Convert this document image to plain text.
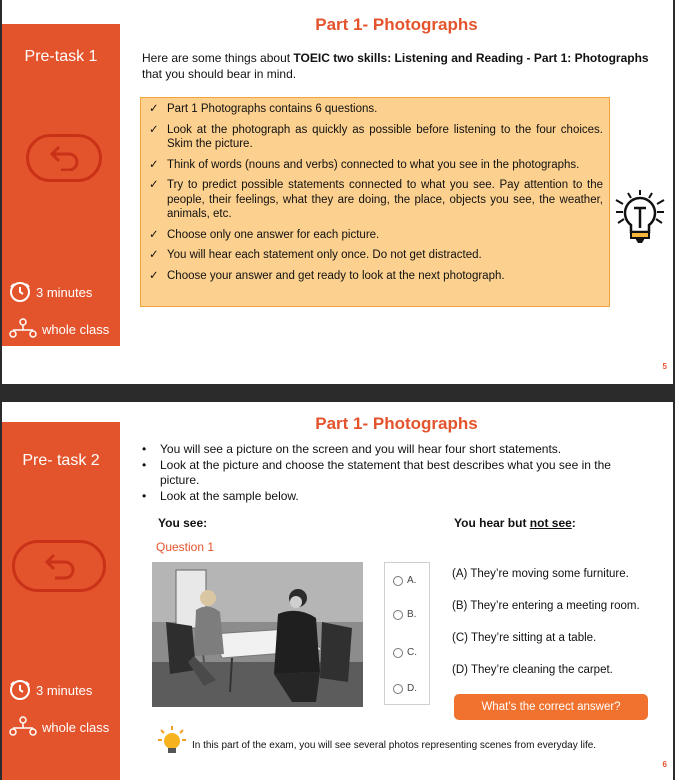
Pre-task 1
3 minutes
whole class
Part 1- Photographs
Here are some things about TOEIC two skills: Listening and Reading - Part 1: Photographs
that you should bear in mind.
✓ Part 1 Photographs contains 6 questions.
✓ Look at the photograph as quickly as possible before listening to the four choices. Skim the picture.
✓ Think of words (nouns and verbs) connected to what you see in the photographs.
✓ Try to predict possible statements connected to what you see. Pay attention to the people, their feelings, what they are doing, the place, objects you see, the weather, animals, etc.
✓ Choose only one answer for each picture.
✓ You will hear each statement only once. Do not get distracted.
✓ Choose your answer and get ready to look at the next photograph.
5
Pre- task 2
3 minutes
whole class
Part 1- Photographs
•	You will see a picture on the screen and you will hear four short statements.
•	Look at the picture and choose the statement that best describes what you see in the picture.
•	Look at the sample below.
You see:	You hear but not see:
Question 1
A.
B.
C.
D.
(A) They’re moving some furniture.
(B) They’re entering a meeting room.
(C) They’re sitting at a table.
(D) They’re cleaning the carpet.
What’s the correct answer?
In this part of the exam, you will see several photos representing scenes from everyday life.
6
